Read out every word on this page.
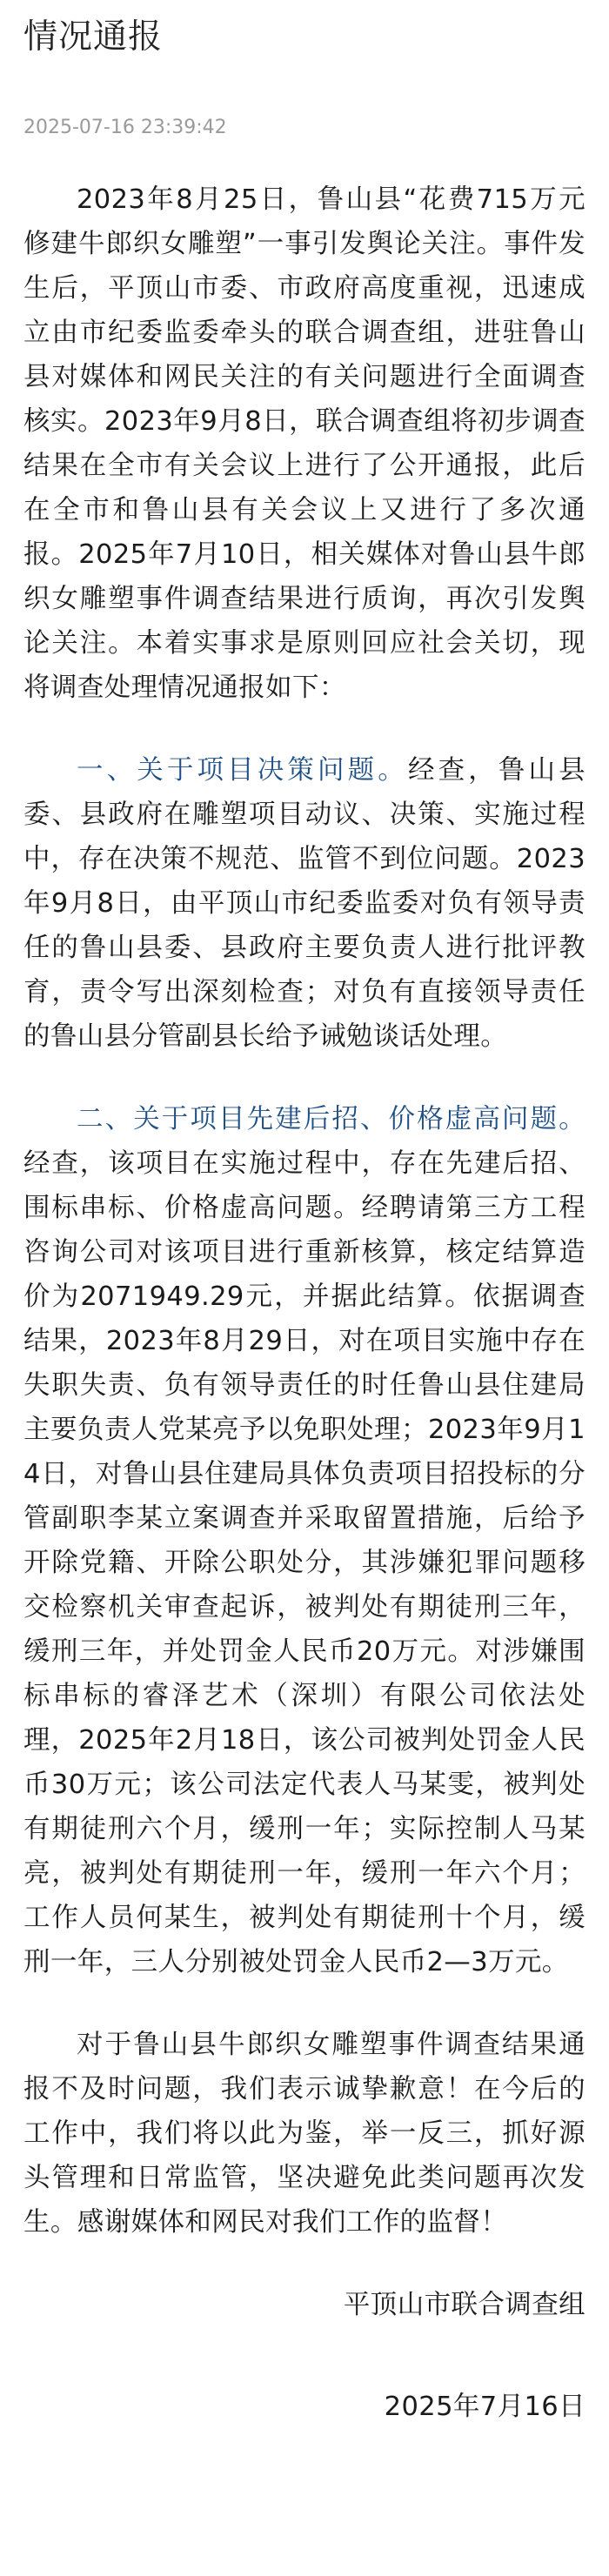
情况通报
2025-07-16 23:39:42

2023年8月25日，鲁山县“花费715万元修建牛郎织女雕塑”一事引发舆论关注。事件发生后，平顶山市委、市政府高度重视，迅速成立由市纪委监委牵头的联合调查组，进驻鲁山县对媒体和网民关注的有关问题进行全面调查核实。2023年9月8日，联合调查组将初步调查结果在全市有关会议上进行了公开通报，此后在全市和鲁山县有关会议上又进行了多次通报。2025年7月10日，相关媒体对鲁山县牛郎织女雕塑事件调查结果进行质询，再次引发舆论关注。本着实事求是原则回应社会关切，现将调查处理情况通报如下：

一、关于项目决策问题。经查，鲁山县委、县政府在雕塑项目动议、决策、实施过程中，存在决策不规范、监管不到位问题。2023年9月8日，由平顶山市纪委监委对负有领导责任的鲁山县委、县政府主要负责人进行批评教育，责令写出深刻检查；对负有直接领导责任的鲁山县分管副县长给予诫勉谈话处理。

二、关于项目先建后招、价格虚高问题。经查，该项目在实施过程中，存在先建后招、围标串标、价格虚高问题。经聘请第三方工程咨询公司对该项目进行重新核算，核定结算造价为2071949.29元，并据此结算。依据调查结果，2023年8月29日，对在项目实施中存在失职失责、负有领导责任的时任鲁山县住建局主要负责人党某亮予以免职处理；2023年9月14日，对鲁山县住建局具体负责项目招投标的分管副职李某立案调查并采取留置措施，后给予开除党籍、开除公职处分，其涉嫌犯罪问题移交检察机关审查起诉，被判处有期徒刑三年，缓刑三年，并处罚金人民币20万元。对涉嫌围标串标的睿泽艺术（深圳）有限公司依法处理，2025年2月18日，该公司被判处罚金人民币30万元；该公司法定代表人马某雯，被判处有期徒刑六个月，缓刑一年；实际控制人马某亮，被判处有期徒刑一年，缓刑一年六个月；工作人员何某生，被判处有期徒刑十个月，缓刑一年，三人分别被处罚金人民币2—3万元。

对于鲁山县牛郎织女雕塑事件调查结果通报不及时问题，我们表示诚挚歉意！在今后的工作中，我们将以此为鉴，举一反三，抓好源头管理和日常监管，坚决避免此类问题再次发生。感谢媒体和网民对我们工作的监督！

平顶山市联合调查组
2025年7月16日
